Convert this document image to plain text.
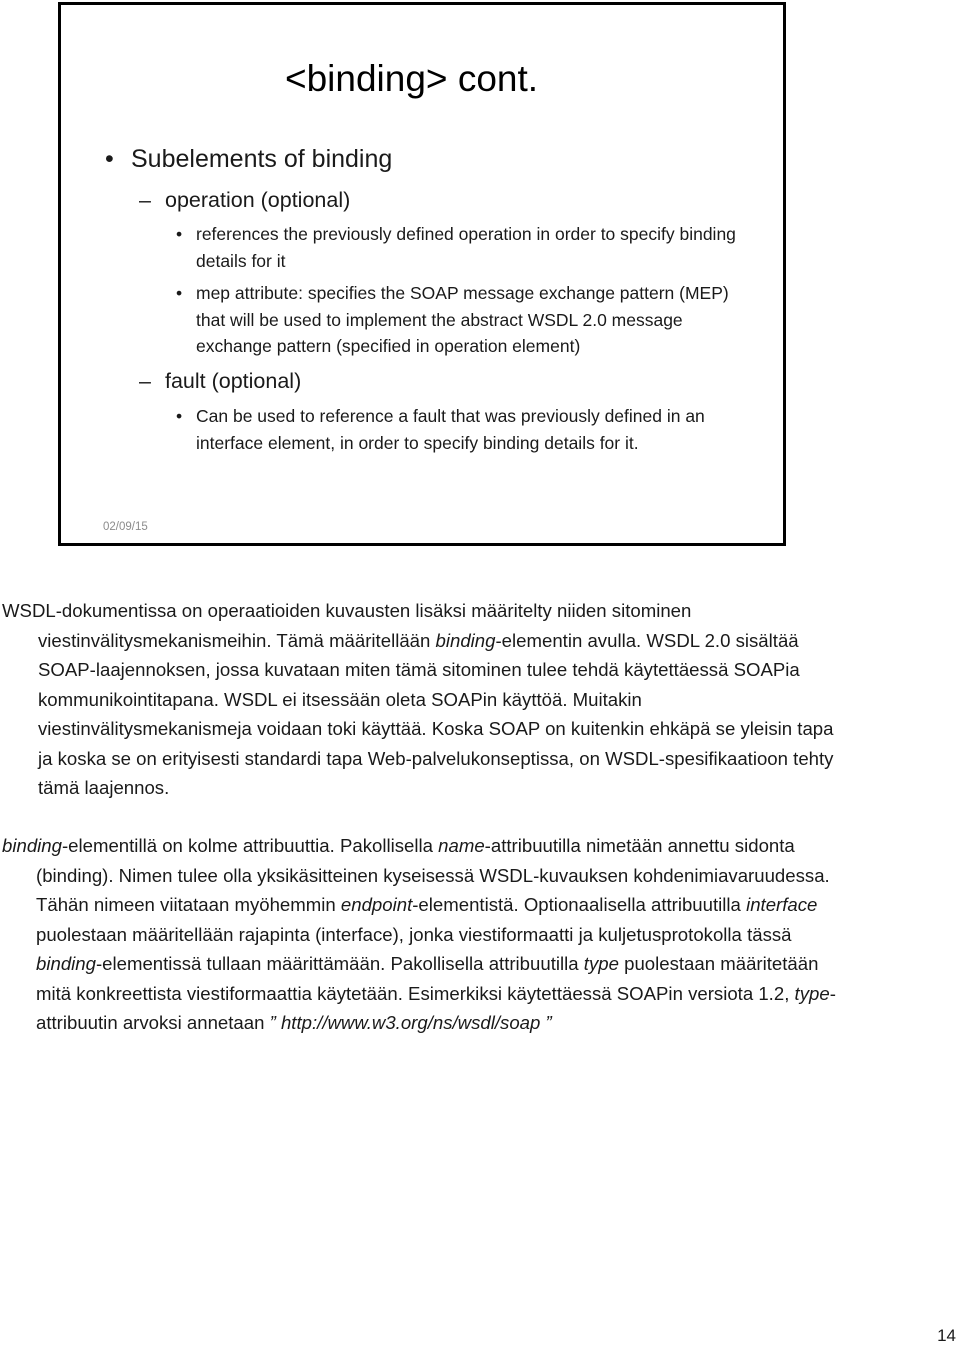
<binding> cont.
• Subelements of binding
– operation (optional)
• references the previously defined operation in order to specify binding details for it
• mep attribute: specifies the SOAP message exchange pattern (MEP) that will be used to implement the abstract WSDL 2.0 message exchange pattern (specified in operation element)
– fault (optional)
• Can be used to reference a fault that was previously defined in an interface element, in order to specify binding details for it.
02/09/15
WSDL-dokumentissa on operaatioiden kuvausten lisäksi määritelty niiden sitominen
viestinvälitysmekanismeihin. Tämä määritellään binding-elementin avulla. WSDL 2.0 sisältää SOAP-laajennoksen, jossa kuvataan miten tämä sitominen tulee tehdä käytettäessä SOAPia kommunikointitapana. WSDL ei itsessään oleta SOAPin käyttöä. Muitakin viestinvälitysmekanismeja voidaan toki käyttää. Koska SOAP on kuitenkin ehkäpä se yleisin tapa ja koska se on erityisesti standardi tapa Web-palvelukonseptissa, on WSDL-spesifikaatioon tehty tämä laajennos.
binding-elementillä on kolme attribuuttia. Pakollisella name-attribuutilla nimetään annettu sidonta (binding). Nimen tulee olla yksikäsitteinen kyseisessä WSDL-kuvauksen kohdenimiavaruudessa. Tähän nimeen viitataan myöhemmin endpoint-elementistä. Optionaalisella attribuutilla interface puolestaan määritellään rajapinta (interface), jonka viestiformaatti ja kuljetusprotokolla tässä binding-elementissä tullaan määrittämään. Pakollisella attribuutilla type puolestaan määritetään mitä konkreettista viestiformaattia käytetään. Esimerkiksi käytettäessä SOAPin versiota 1.2, type-attribuutin arvoksi annetaan ” http://www.w3.org/ns/wsdl/soap ”
14
